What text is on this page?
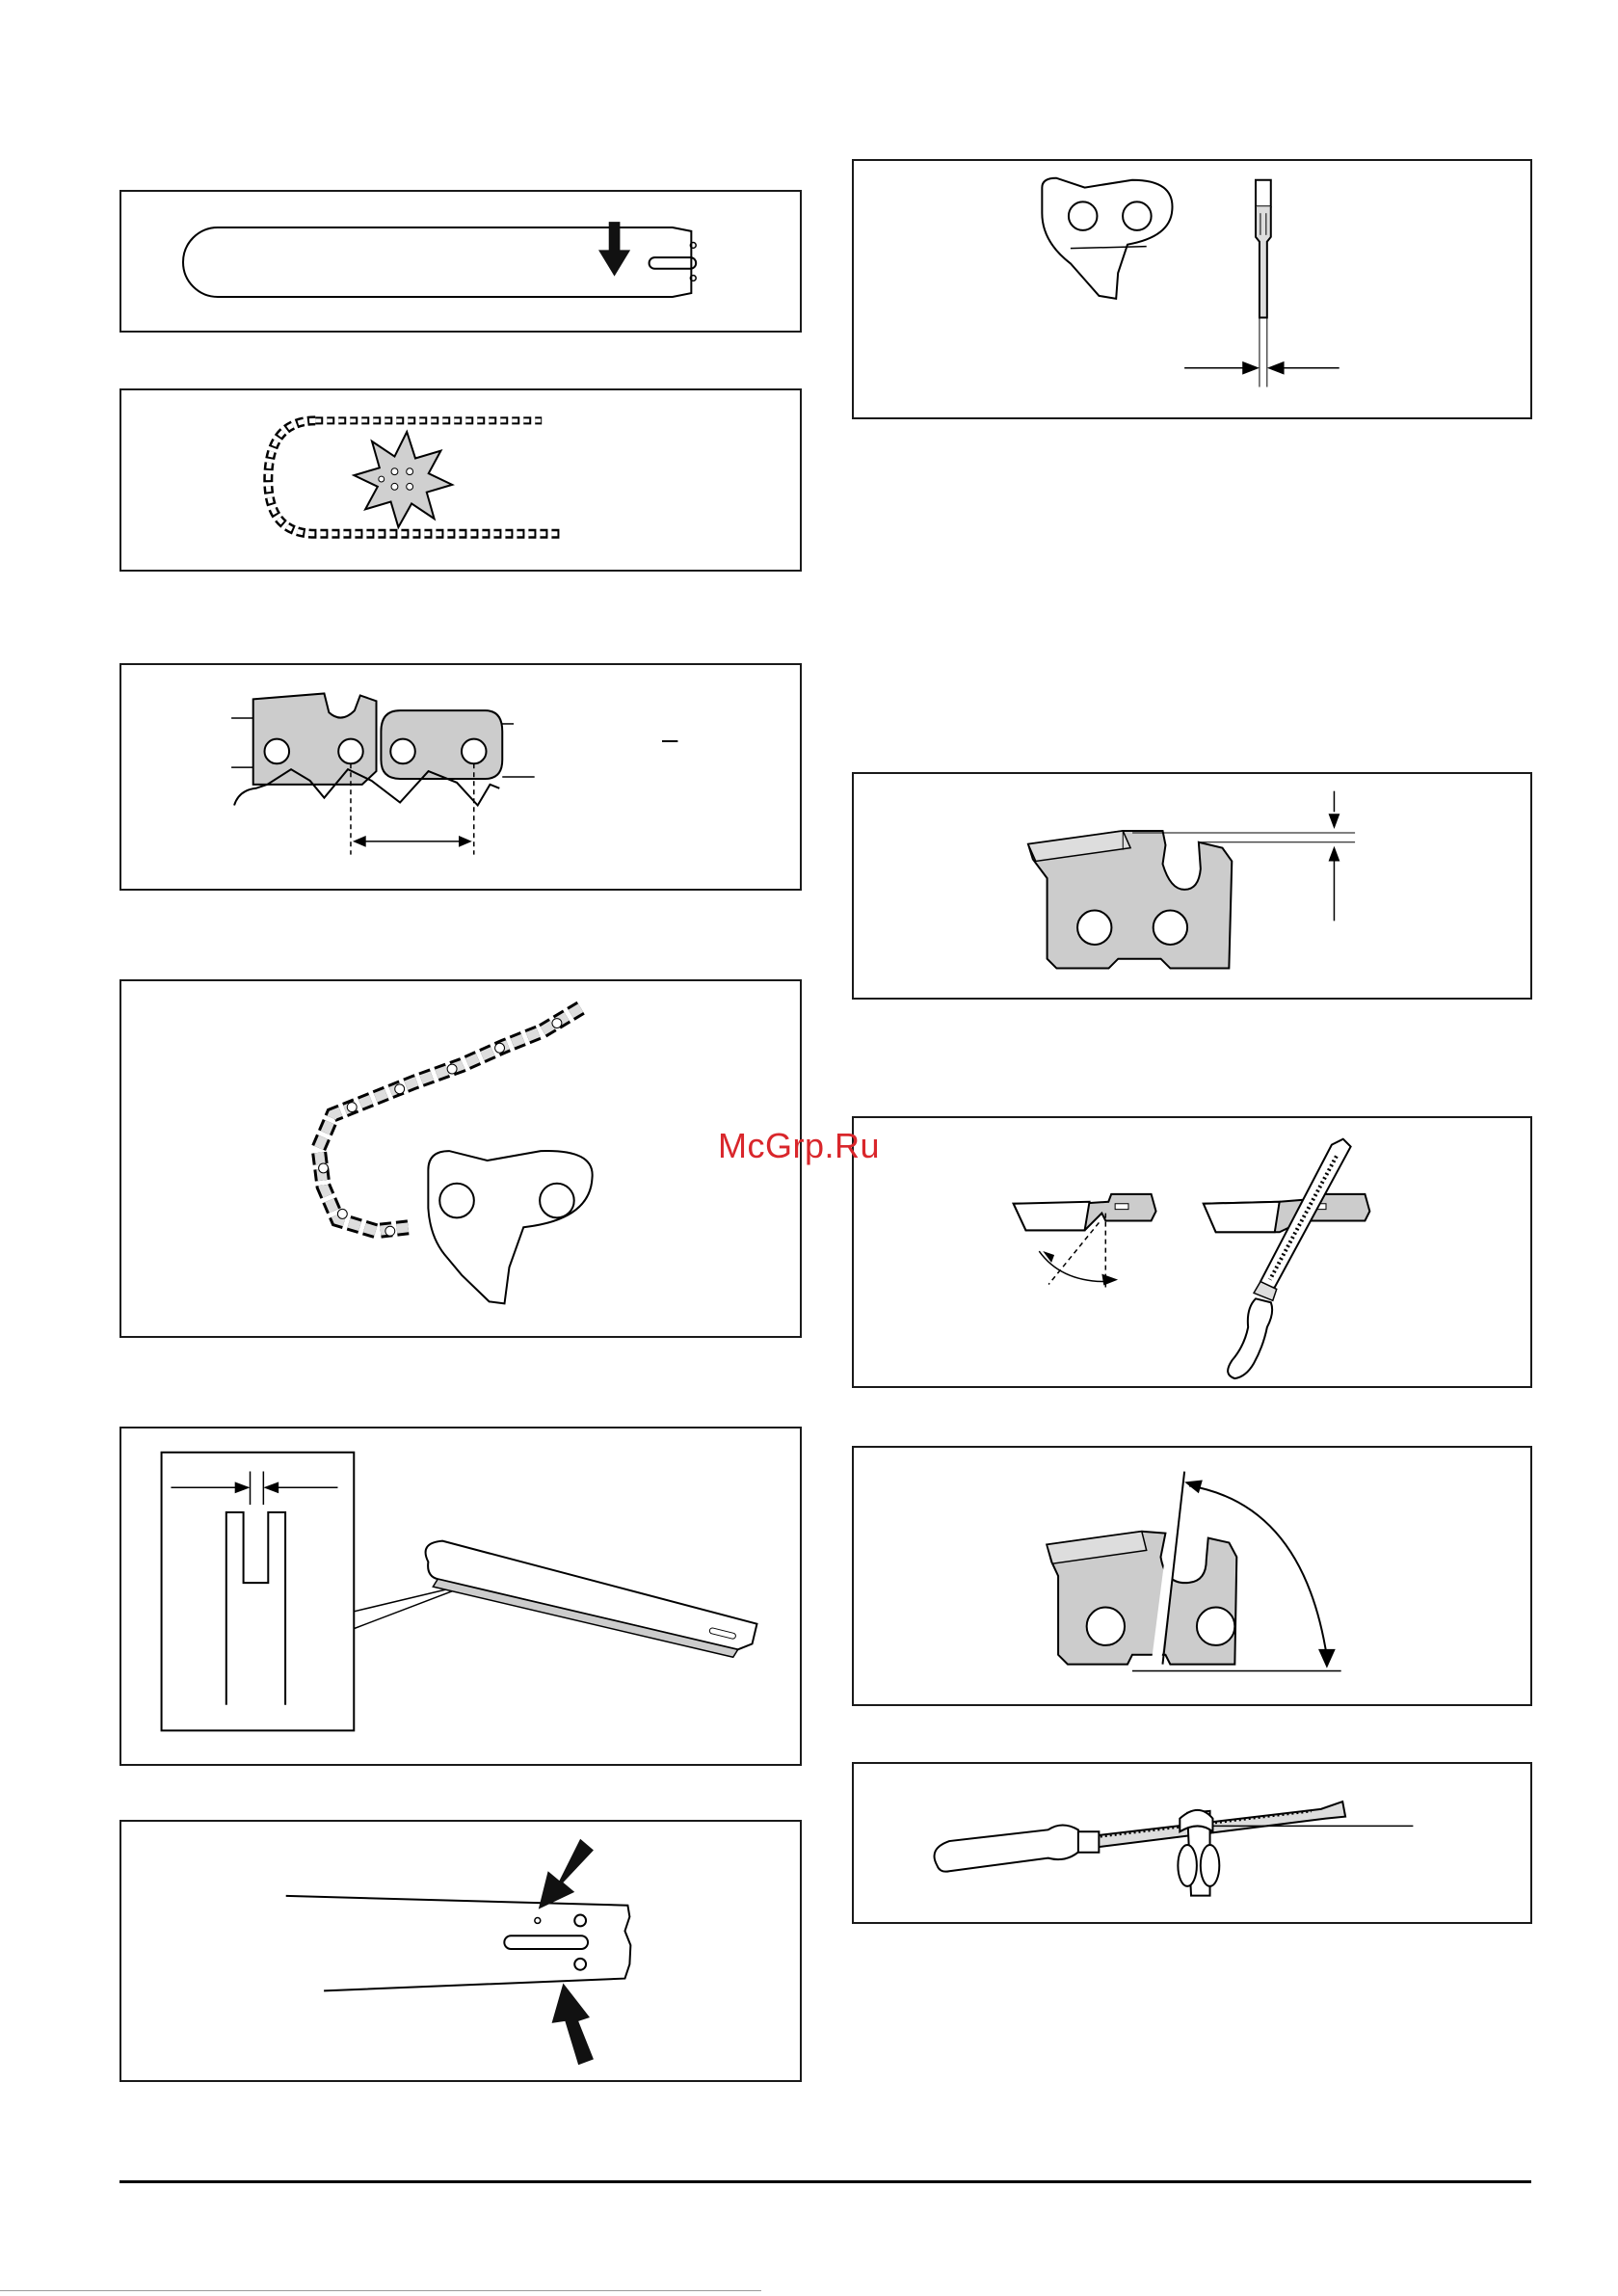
–
McGrp.Ru
